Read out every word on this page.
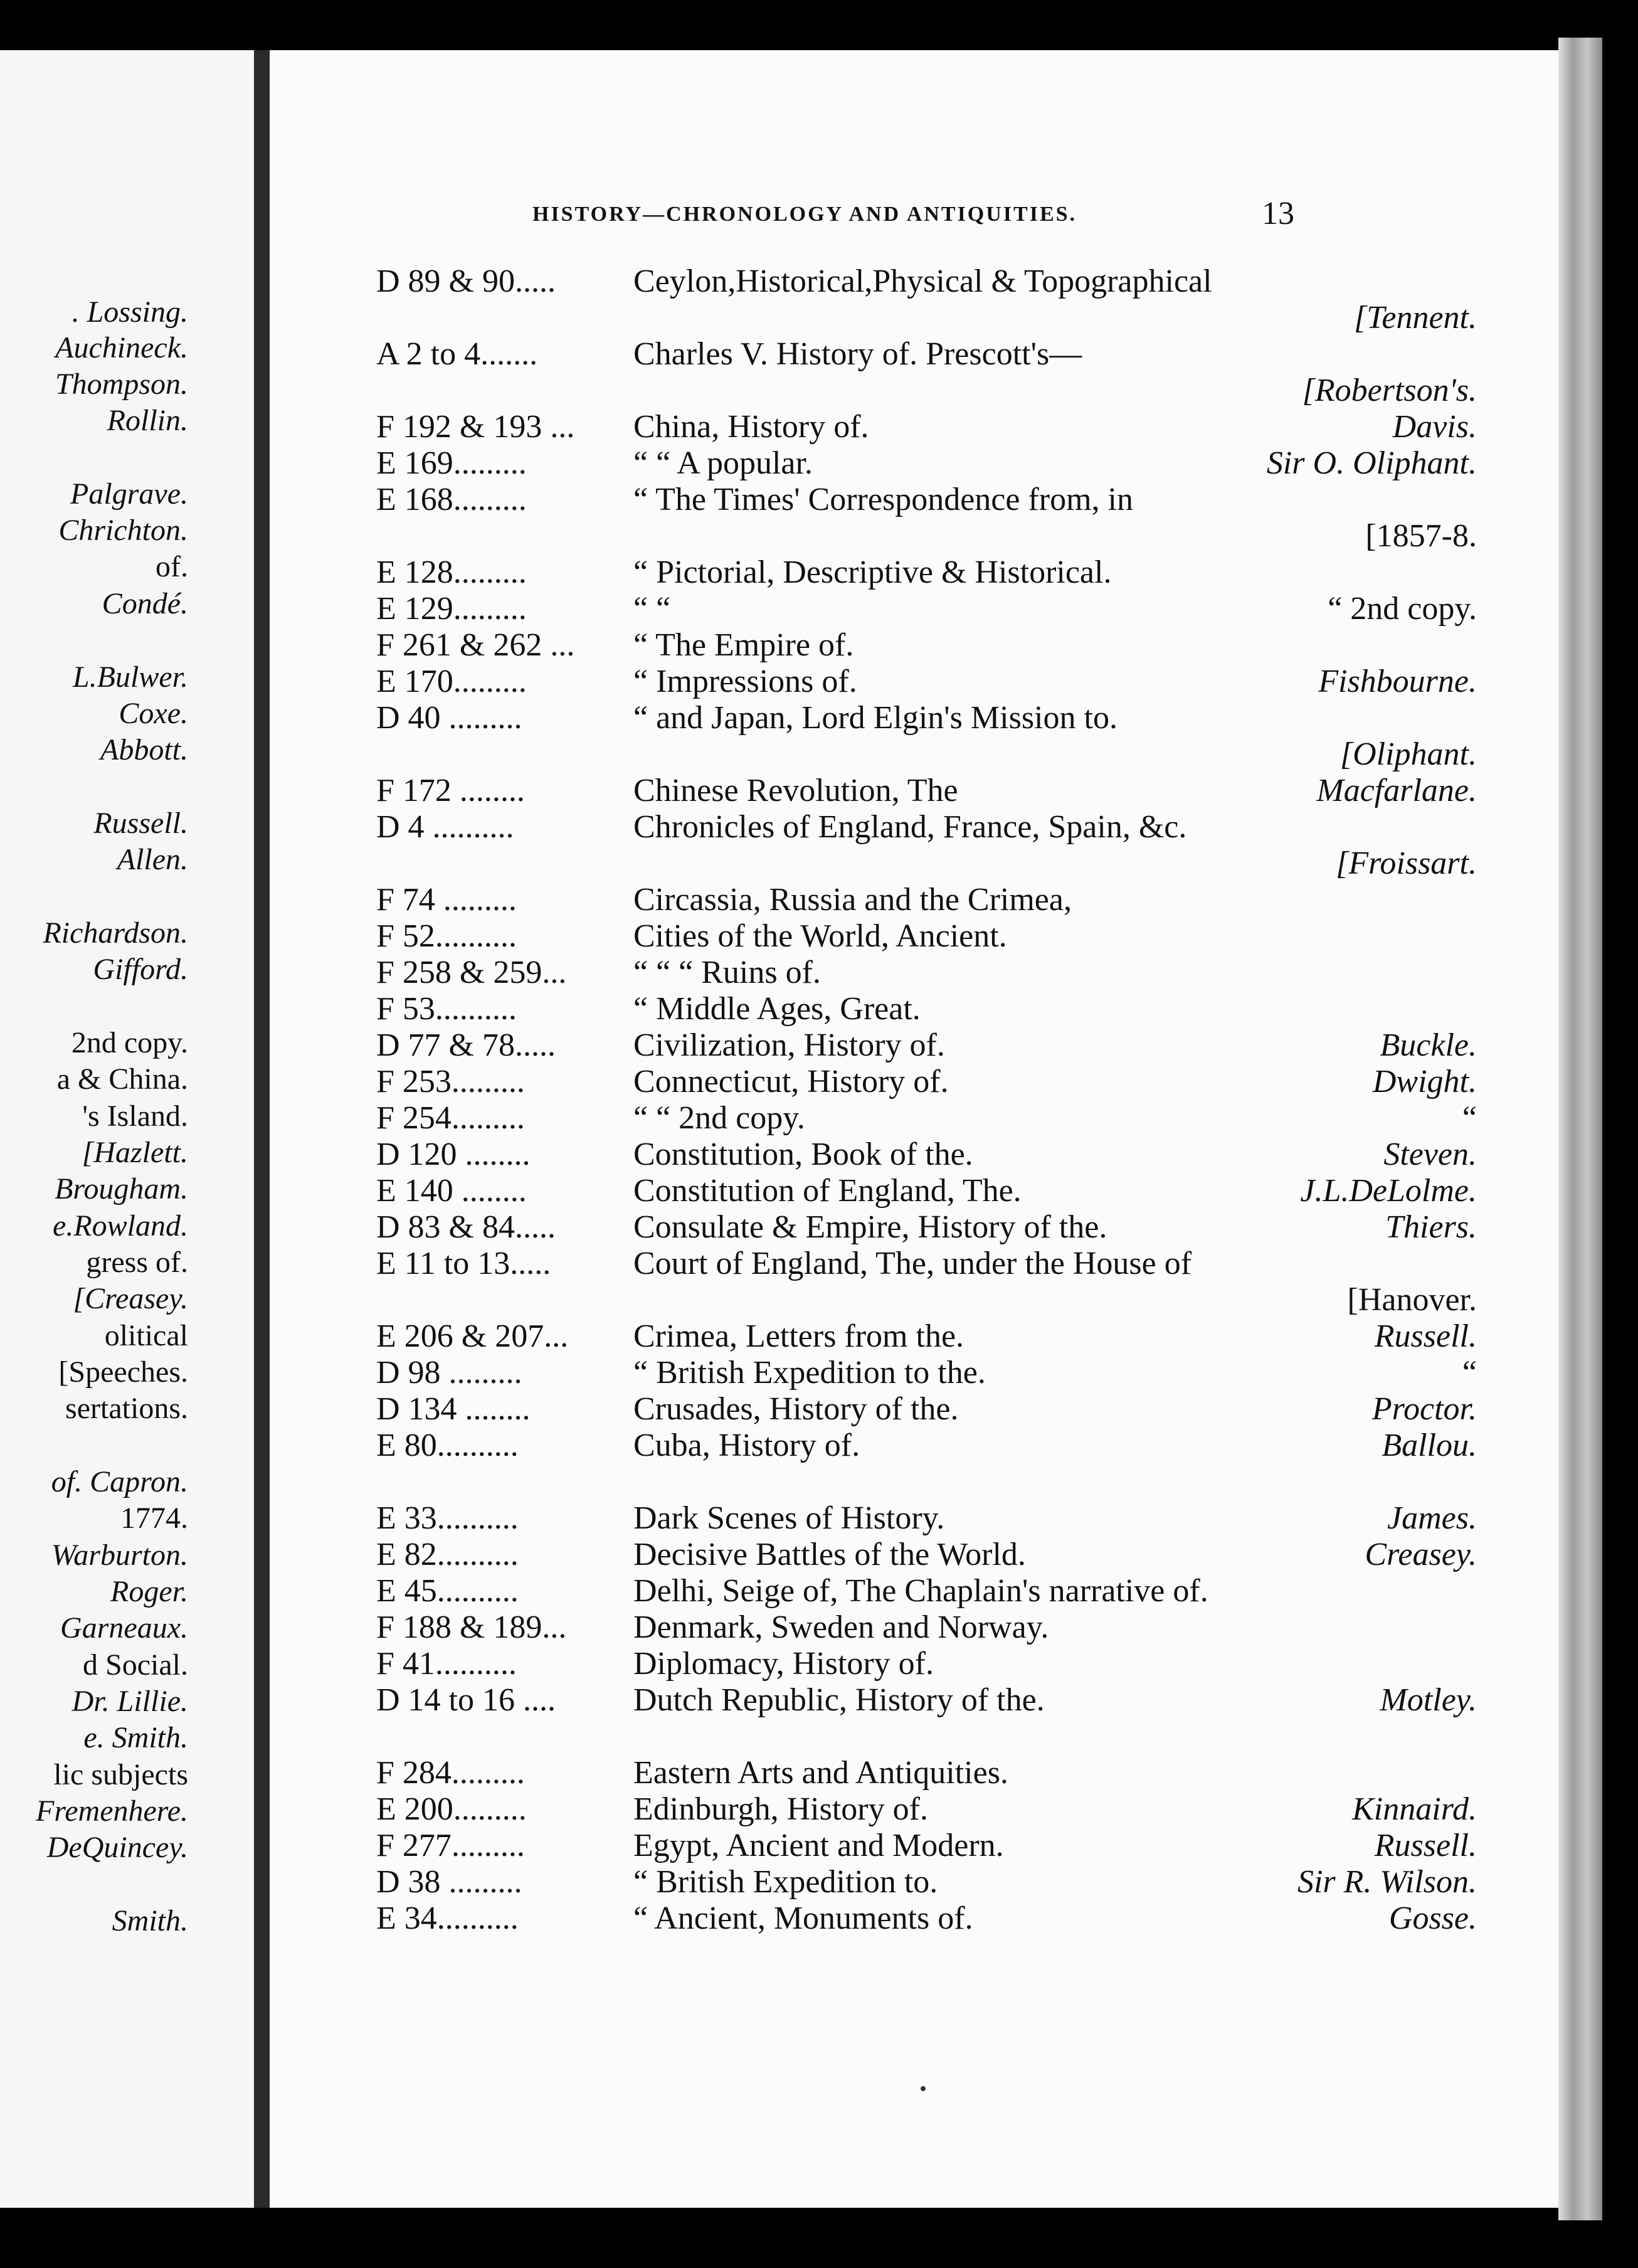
. Lossing.
Auchineck.
Thompson.
Rollin.
Palgrave.
Chrichton.
of.
Condé.
L.Bulwer.
Coxe.
Abbott.
Russell.
Allen.
Richardson.
Gifford.
2nd copy.
a & China.
's Island.
[Hazlett.
Brougham.
e.Rowland.
gress of.
[Creasey.
olitical
[Speeches.
sertations.
of. Capron.
1774.
Warburton.
Roger.
Garneaux.
d Social.
Dr. Lillie.
e. Smith.
lic subjects
Fremenhere.
DeQuincey.
Smith.
HISTORY—CHRONOLOGY AND ANTIQUITIES.	13
D 89 & 90..... Ceylon,Historical,Physical & Topographical
[Tennent.
A 2 to 4.......	Charles V. History of. Prescott's—
[Robertson's.
F 192 & 193 ... China, History of.	Davis.
E 169.........	“ “ A popular.	Sir O. Oliphant.
E 168.........	“ The Times' Correspondence from, in
[1857-8.
E 128.........	“ Pictorial, Descriptive & Historical.
E 129.........	“ “	“ 2nd copy.
F 261 & 262 ... “ The Empire of.
E 170.........	“ Impressions of.	Fishbourne.
D 40 .........	“ and Japan, Lord Elgin's Mission to.
[Oliphant.
F 172 ........	Chinese Revolution, The	Macfarlane.
D 4 ..........	Chronicles of England, France, Spain, &c.
[Froissart.
F 74 .........	Circassia, Russia and the Crimea,
F 52..........	Cities of the World, Ancient.
F 258 & 259... “ “ “ Ruins of.
F 53..........	“ Middle Ages, Great.
D 77 & 78..... Civilization, History of.	Buckle.
F 253.........	Connecticut, History of.	Dwight.
F 254.........	“ “ 2nd copy.	“
D 120 ........	Constitution, Book of the.	Steven.
E 140 ........	Constitution of England, The.	J.L.DeLolme.
D 83 & 84..... Consulate & Empire, History of the.	Thiers.
E 11 to 13.....	Court of England, The, under the House of
[Hanover.
E 206 & 207... Crimea, Letters from the.	Russell.
D 98 .........	“ British Expedition to the.	“
D 134 ........	Crusades, History of the.	Proctor.
E 80..........	Cuba, History of.	Ballou.
E 33..........	Dark Scenes of History.	James.
E 82..........	Decisive Battles of the World.	Creasey.
E 45..........	Delhi, Seige of, The Chaplain's narrative of.
F 188 & 189... Denmark, Sweden and Norway.
F 41..........	Diplomacy, History of.
D 14 to 16 .... Dutch Republic, History of the.	Motley.
F 284.........	Eastern Arts and Antiquities.
E 200.........	Edinburgh, History of.	Kinnaird.
F 277.........	Egypt, Ancient and Modern.	Russell.
D 38 .........	“ British Expedition to.	Sir R. Wilson.
E 34..........	“ Ancient, Monuments of.	Gosse.
